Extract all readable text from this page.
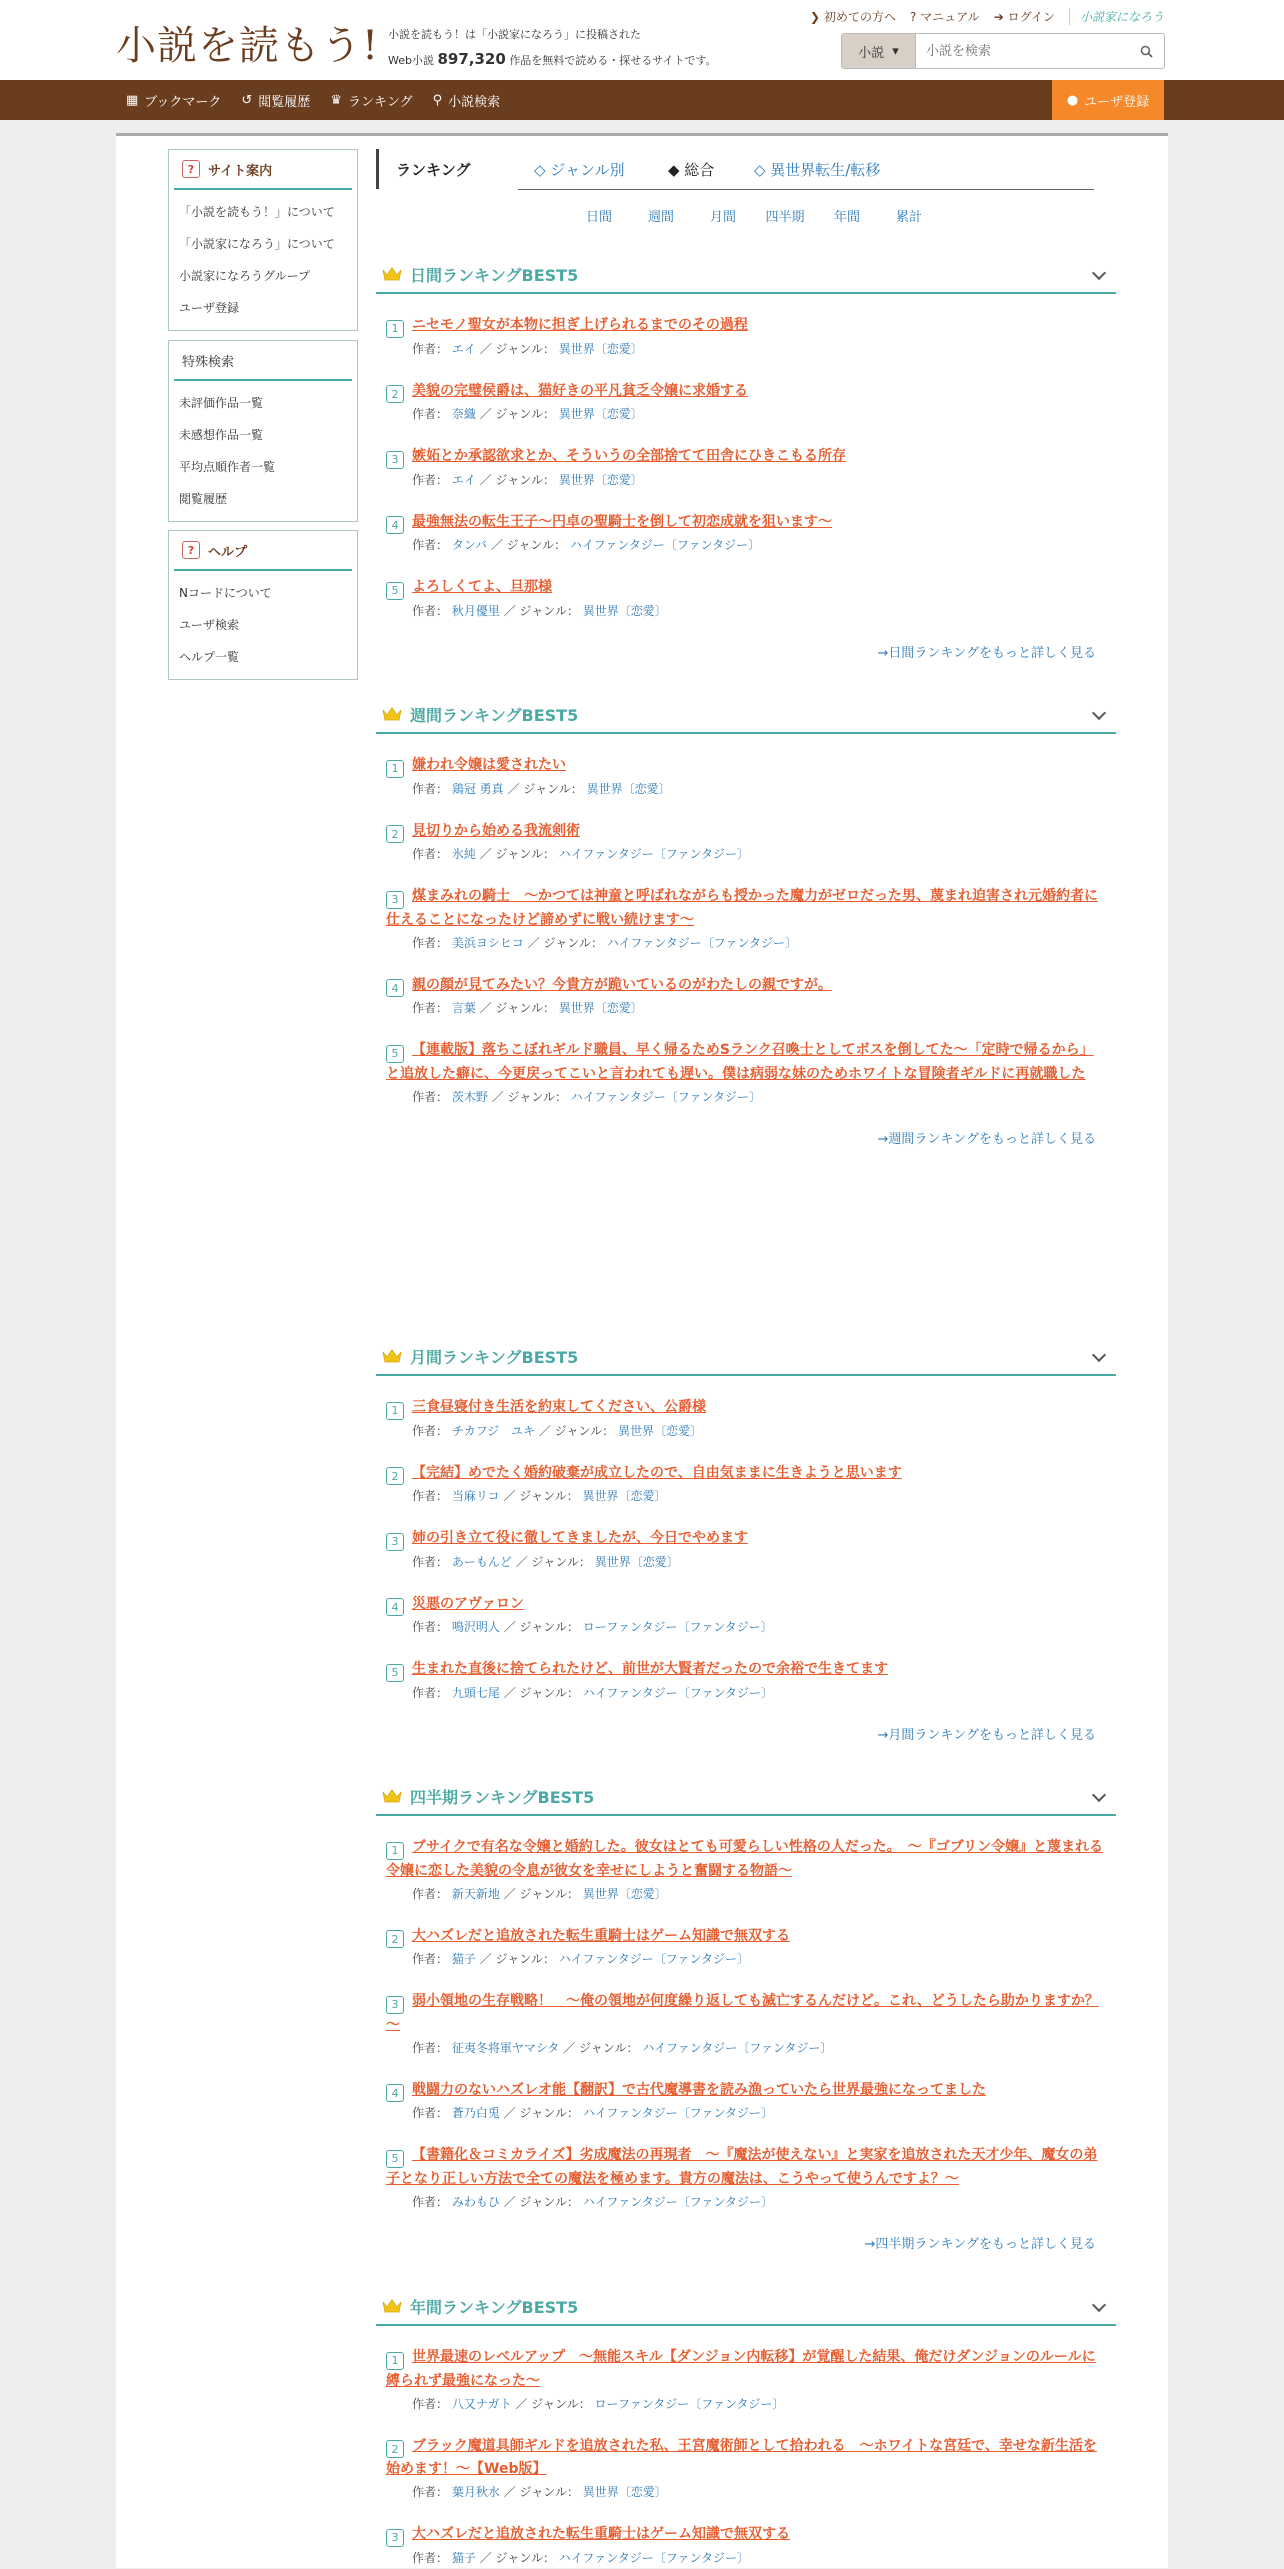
小説を読もう! 小説を読もう！は「小説家になろう」に投稿された
Web小説 897,320 作品を無料で読める・探せるサイトです。
❯ 初めての方へ ? マニュアル ➔ ログイン	小説家になろう
小説 ▾
小説を検索
▦ ブックマーク ↺ 閲覧履歴 ♛ ランキング ⚲ 小説検索	● ユーザ登録
?	サイト案内
「小説を読もう！」について
「小説家になろう」について
小説家になろうグループ
ユーザ登録
特殊検索
未評価作品一覧
未感想作品一覧
平均点順作者一覧
閲覧履歴
?	ヘルプ
Nコードについて
ユーザ検索
ヘルプ一覧
ランキング	◇ ジャンル別	◆ 総合	◇ 異世界転生/転移
日間	週間	月間	四半期	年間	累計
日間ランキングBEST5
1 ニセモノ聖女が本物に担ぎ上げられるまでのその過程
作者： エイ ／ ジャンル： 異世界〔恋愛〕
2 美貌の完璧侯爵は、猫好きの平凡貧乏令嬢に求婚する
作者： 奈織 ／ ジャンル： 異世界〔恋愛〕
3 嫉妬とか承認欲求とか、そういうの全部捨てて田舎にひきこもる所存
作者： エイ ／ ジャンル： 異世界〔恋愛〕
4 最強無法の転生王子～円卓の聖騎士を倒して初恋成就を狙います～
作者： タンバ ／ ジャンル： ハイファンタジー〔ファンタジー〕
5 よろしくてよ、旦那様
作者： 秋月優里 ／ ジャンル： 異世界〔恋愛〕
→日間ランキングをもっと詳しく見る
週間ランキングBEST5
1 嫌われ令嬢は愛されたい
作者： 鶏冠 勇真 ／ ジャンル： 異世界〔恋愛〕
2 見切りから始める我流剣術
作者： 氷純 ／ ジャンル： ハイファンタジー〔ファンタジー〕
3 煤まみれの騎士　～かつては神童と呼ばれながらも授かった魔力がゼロだった男、蔑まれ迫害され元婚約者に仕えることになったけど諦めずに戦い続けます～
作者： 美浜ヨシヒコ ／ ジャンル： ハイファンタジー〔ファンタジー〕
4 親の顔が見てみたい？今貴方が跪いているのがわたしの親ですが。
作者： 言葉 ／ ジャンル： 異世界〔恋愛〕
5 【連載版】落ちこぼれギルド職員、早く帰るためSランク召喚士としてボスを倒してた～「定時で帰るから」と追放した癖に、今更戻ってこいと言われても遅い。僕は病弱な妹のためホワイトな冒険者ギルドに再就職した
作者： 茨木野 ／ ジャンル： ハイファンタジー〔ファンタジー〕
→週間ランキングをもっと詳しく見る
月間ランキングBEST5
1 三食昼寝付き生活を約束してください、公爵様
作者： チカフジ　ユキ ／ ジャンル： 異世界〔恋愛〕
2 【完結】めでたく婚約破棄が成立したので、自由気ままに生きようと思います
作者： 当麻リコ ／ ジャンル： 異世界〔恋愛〕
3 姉の引き立て役に徹してきましたが、今日でやめます
作者： あーもんど ／ ジャンル： 異世界〔恋愛〕
4 災悪のアヴァロン
作者： 鳴沢明人 ／ ジャンル： ローファンタジー〔ファンタジー〕
5 生まれた直後に捨てられたけど、前世が大賢者だったので余裕で生きてます
作者： 九頭七尾 ／ ジャンル： ハイファンタジー〔ファンタジー〕
→月間ランキングをもっと詳しく見る
四半期ランキングBEST5
1 ブサイクで有名な令嬢と婚約した。彼女はとても可愛らしい性格の人だった。　～『ゴブリン令嬢』と蔑まれる令嬢に恋した美貌の令息が彼女を幸せにしようと奮闘する物語～
作者： 新天新地 ／ ジャンル： 異世界〔恋愛〕
2 大ハズレだと追放された転生重騎士はゲーム知識で無双する
作者： 猫子 ／ ジャンル： ハイファンタジー〔ファンタジー〕
3 弱小領地の生存戦略！　～俺の領地が何度繰り返しても滅亡するんだけど。これ、どうしたら助かりますか？～
作者： 征夷冬将軍ヤマシタ ／ ジャンル： ハイファンタジー〔ファンタジー〕
4 戦闘力のないハズレオ能【翻訳】で古代魔導書を読み漁っていたら世界最強になってました
作者： 蒼乃白兎 ／ ジャンル： ハイファンタジー〔ファンタジー〕
5 【書籍化＆コミカライズ】劣成魔法の再現者　～『魔法が使えない』と実家を追放された天才少年、魔女の弟子となり正しい方法で全ての魔法を極めます。貴方の魔法は、こうやって使うんですよ？～
作者： みわもひ ／ ジャンル： ハイファンタジー〔ファンタジー〕
→四半期ランキングをもっと詳しく見る
年間ランキングBEST5
1 世界最速のレベルアップ　～無能スキル【ダンジョン内転移】が覚醒した結果、俺だけダンジョンのルールに縛られず最強になった～
作者： 八又ナガト ／ ジャンル： ローファンタジー〔ファンタジー〕
2 ブラック魔道具師ギルドを追放された私、王宮魔術師として拾われる　～ホワイトな宮廷で、幸せな新生活を始めます！～【Web版】
作者： 葉月秋水 ／ ジャンル： 異世界〔恋愛〕
3 大ハズレだと追放された転生重騎士はゲーム知識で無双する
作者： 猫子 ／ ジャンル： ハイファンタジー〔ファンタジー〕
